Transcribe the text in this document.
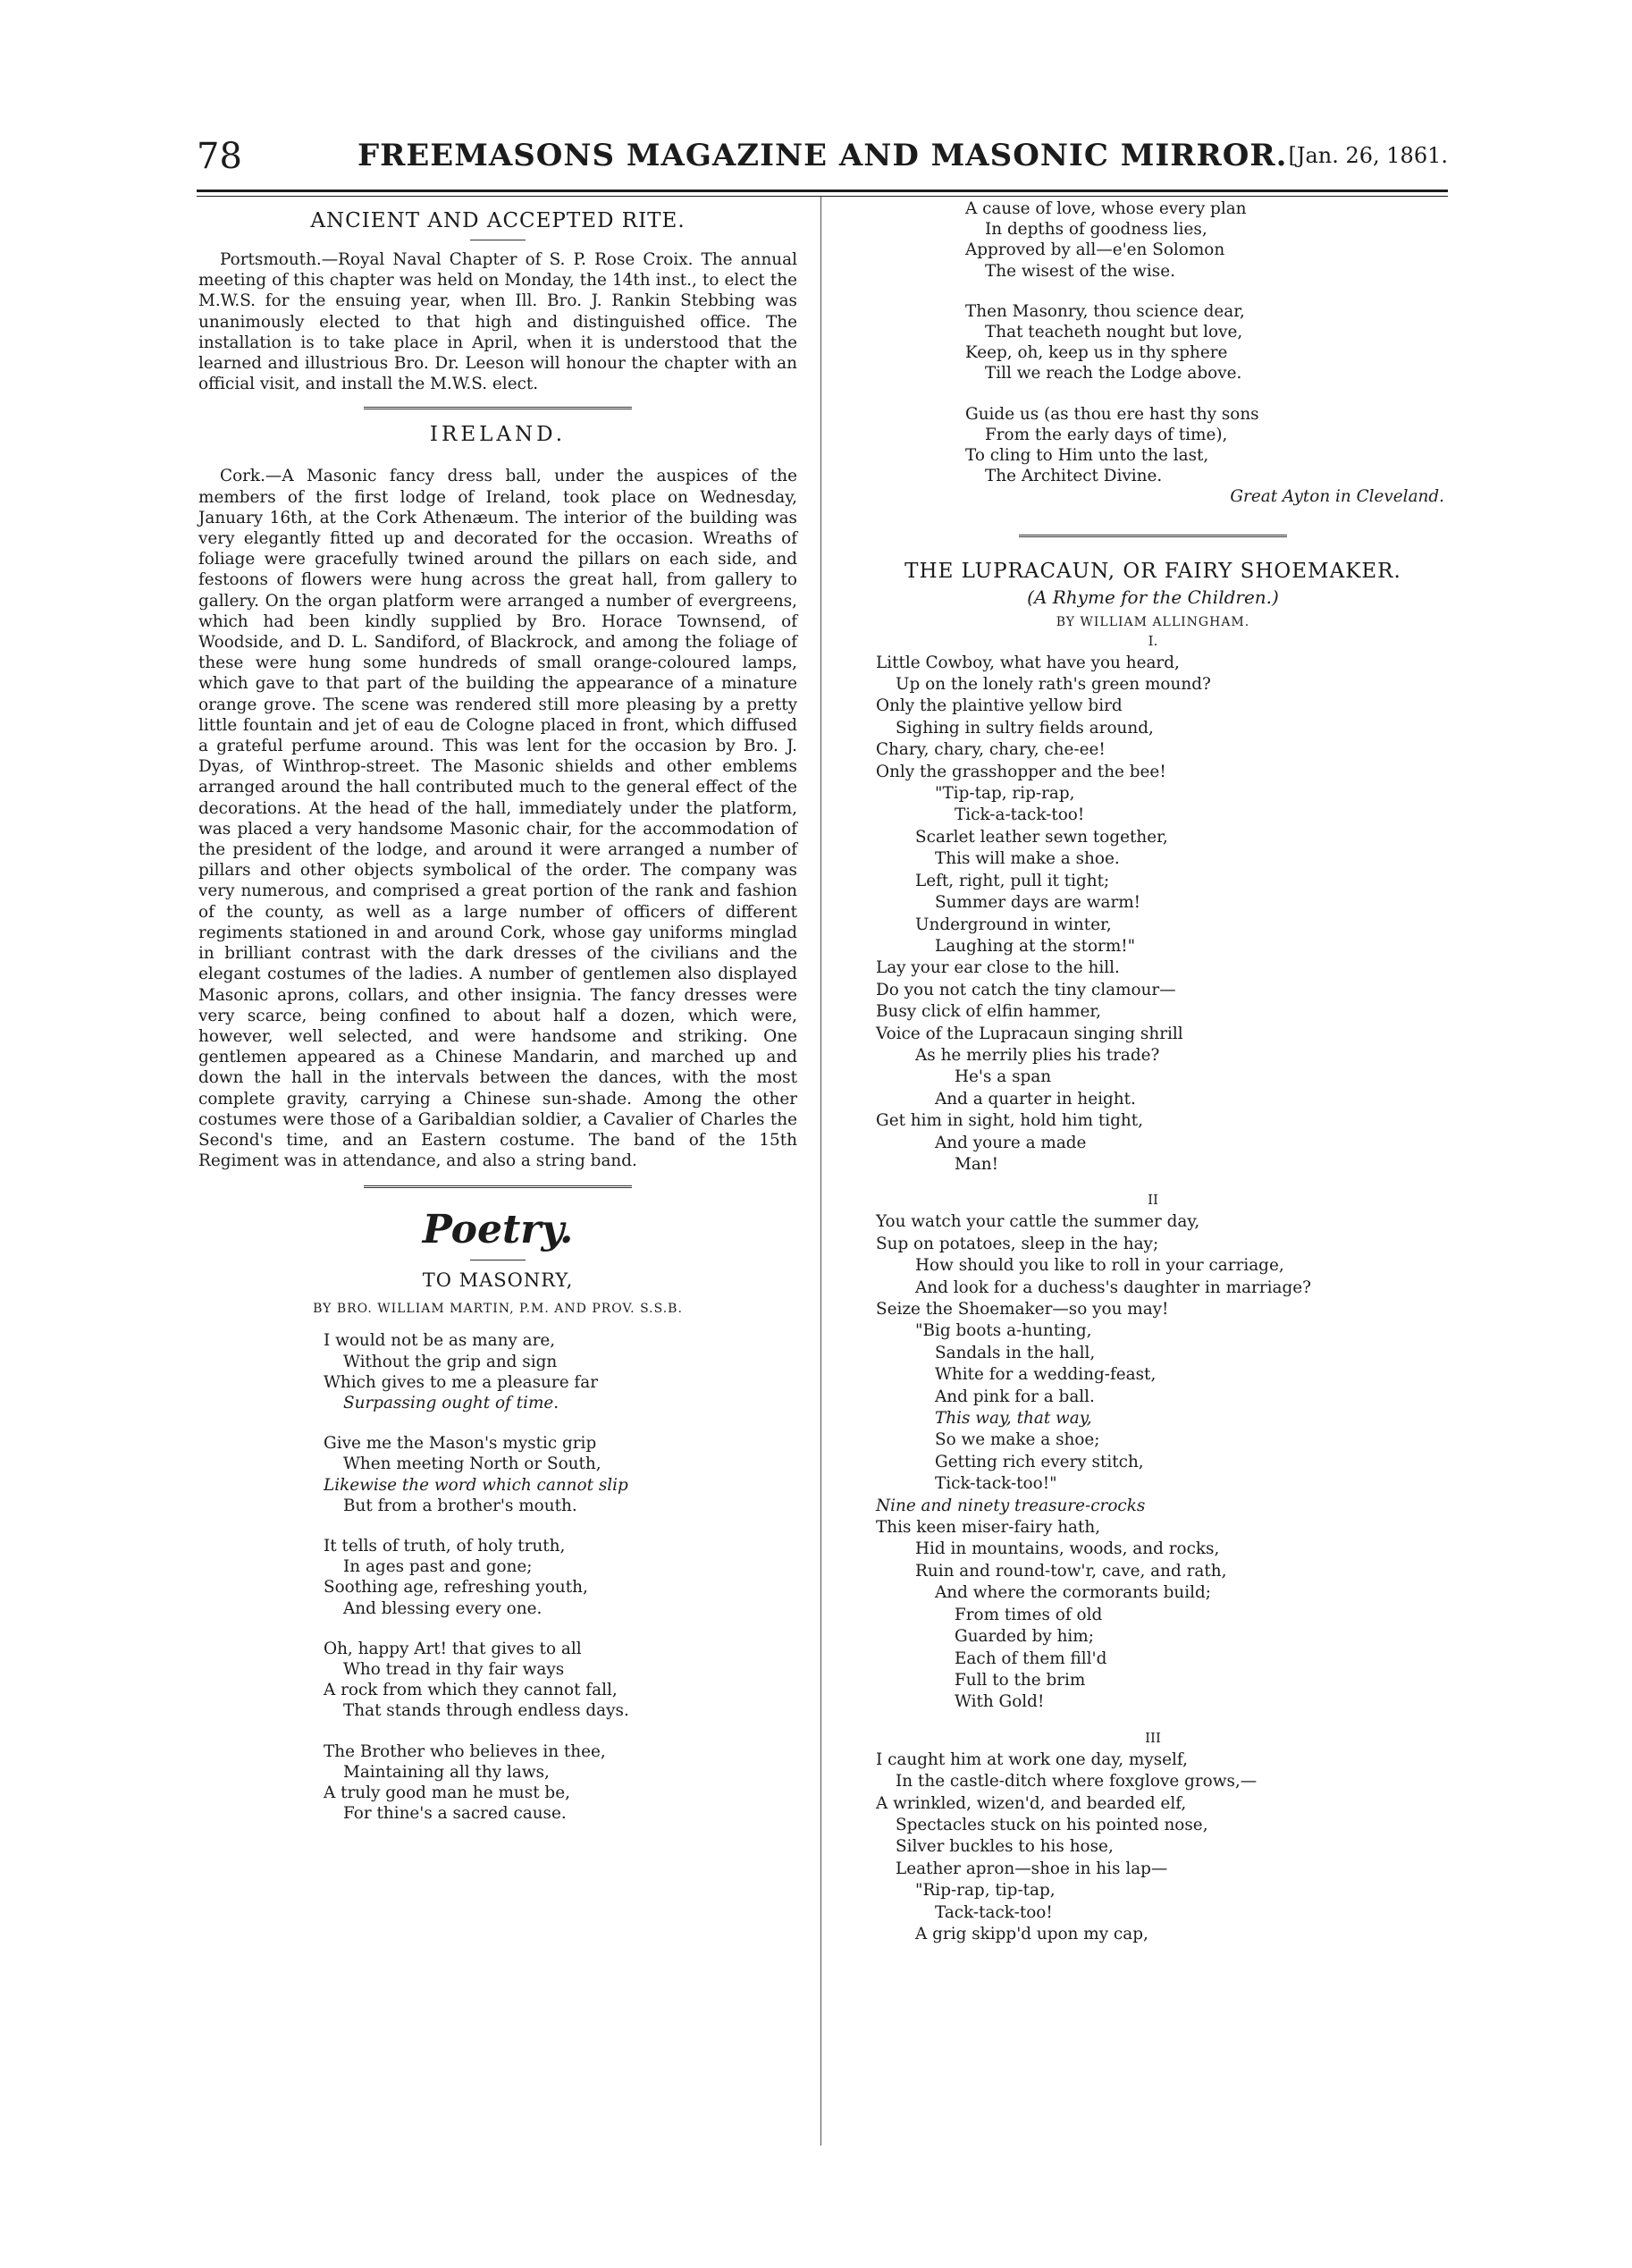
78	FREEMASONS MAGAZINE AND MASONIC MIRROR. [Jan. 26, 1861.
ANCIENT AND ACCEPTED RITE.

Portsmouth.—Royal Naval Chapter of S. P. Rose Croix. The annual meeting of this chapter was held on Monday, the 14th inst., to elect the M.W.S. for the ensuing year, when Ill. Bro. J. Rankin Stebbing was unanimously elected to that high and distinguished office. The installation is to take place in April, when it is understood that the learned and illustrious Bro. Dr. Leeson will honour the chapter with an official visit, and install the M.W.S. elect.

IRELAND.

Cork.—A Masonic fancy dress ball, under the auspices of the members of the first lodge of Ireland, took place on Wednesday, January 16th, at the Cork Athenæum. The interior of the building was very elegantly fitted up and decorated for the occasion. Wreaths of foliage were gracefully twined around the pillars on each side, and festoons of flowers were hung across the great hall, from gallery to gallery. On the organ platform were arranged a number of evergreens, which had been kindly supplied by Bro. Horace Townsend, of Woodside, and D. L. Sandiford, of Blackrock, and among the foliage of these were hung some hundreds of small orange-coloured lamps, which gave to that part of the building the appearance of a minature orange grove. The scene was rendered still more pleasing by a pretty little fountain and jet of eau de Cologne placed in front, which diffused a grateful perfume around. This was lent for the occasion by Bro. J. Dyas, of Winthrop-street. The Masonic shields and other emblems arranged around the hall contributed much to the general effect of the decorations. At the head of the hall, immediately under the platform, was placed a very handsome Masonic chair, for the accommodation of the president of the lodge, and around it were arranged a number of pillars and other objects symbolical of the order. The company was very numerous, and comprised a great portion of the rank and fashion of the county, as well as a large number of officers of different regiments stationed in and around Cork, whose gay uniforms minglad in brilliant contrast with the dark dresses of the civilians and the elegant costumes of the ladies. A number of gentlemen also displayed Masonic aprons, collars, and other insignia. The fancy dresses were very scarce, being confined to about half a dozen, which were, however, well selected, and were handsome and striking. One gentlemen appeared as a Chinese Mandarin, and marched up and down the hall in the intervals between the dances, with the most complete gravity, carrying a Chinese sun-shade. Among the other costumes were those of a Garibaldian soldier, a Cavalier of Charles the Second's time, and an Eastern costume. The band of the 15th Regiment was in attendance, and also a string band.

Poetry.
TO MASONRY,
BY BRO. WILLIAM MARTIN, P.M. AND PROV. S.S.B.
I would not be as many are,
Without the grip and sign
Which gives to me a pleasure far
Surpassing ought of time.
Give me the Mason's mystic grip
When meeting North or South,
Likewise the word which cannot slip
But from a brother's mouth.
It tells of truth, of holy truth,
In ages past and gone;
Soothing age, refreshing youth,
And blessing every one.
Oh, happy Art! that gives to all
Who tread in thy fair ways
A rock from which they cannot fall,
That stands through endless days.
The Brother who believes in thee,
Maintaining all thy laws,
A truly good man he must be,
For thine's a sacred cause.
A cause of love, whose every plan
In depths of goodness lies,
Approved by all—e'en Solomon
The wisest of the wise.
Then Masonry, thou science dear,
That teacheth nought but love,
Keep, oh, keep us in thy sphere
Till we reach the Lodge above.
Guide us (as thou ere hast thy sons
From the early days of time),
To cling to Him unto the last,
The Architect Divine.
Great Ayton in Cleveland.
THE LUPRACAUN, OR FAIRY SHOEMAKER.
(A Rhyme for the Children.)
BY WILLIAM ALLINGHAM.
I.
Little Cowboy, what have you heard,
Up on the lonely rath's green mound?
Only the plaintive yellow bird
Sighing in sultry fields around,
Chary, chary, chary, che-ee!
Only the grasshopper and the bee!
"Tip-tap, rip-rap,
Tick-a-tack-too!
Scarlet leather sewn together,
This will make a shoe.
Left, right, pull it tight;
Summer days are warm!
Underground in winter,
Laughing at the storm!"
Lay your ear close to the hill.
Do you not catch the tiny clamour—
Busy click of elfin hammer,
Voice of the Lupracaun singing shrill
As he merrily plies his trade?
He's a span
And a quarter in height.
Get him in sight, hold him tight,
And youre a made
Man!
II
You watch your cattle the summer day,
Sup on potatoes, sleep in the hay;
How should you like to roll in your carriage,
And look for a duchess's daughter in marriage?
Seize the Shoemaker—so you may!
"Big boots a-hunting,
Sandals in the hall,
White for a wedding-feast,
And pink for a ball.
This way, that way,
So we make a shoe;
Getting rich every stitch,
Tick-tack-too!"
Nine and ninety treasure-crocks
This keen miser-fairy hath,
Hid in mountains, woods, and rocks,
Ruin and round-tow'r, cave, and rath,
And where the cormorants build;
From times of old
Guarded by him;
Each of them fill'd
Full to the brim
With Gold!
III
I caught him at work one day, myself,
In the castle-ditch where foxglove grows,—
A wrinkled, wizen'd, and bearded elf,
Spectacles stuck on his pointed nose,
Silver buckles to his hose,
Leather apron—shoe in his lap—
"Rip-rap, tip-tap,
Tack-tack-too!
A grig skipp'd upon my cap,
